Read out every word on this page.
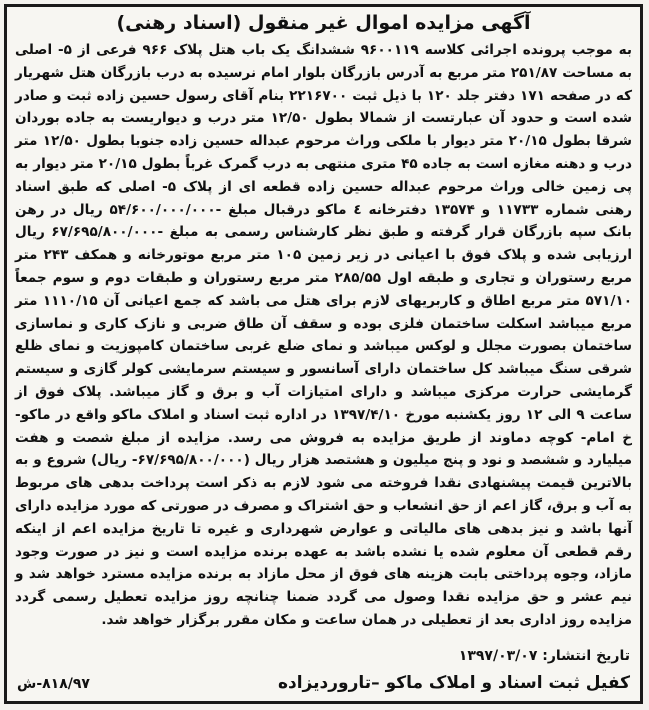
آگهی مزایده اموال غیر منقول (اسناد رهنی)
به موجب پرونده اجرائی کلاسه ۹۶۰۰۱۱۹ ششدانگ یک باب هتل پلاک ۹۶۶ فرعی از ۵- اصلی به مساحت ۲۵۱/۸۷ متر مربع به آدرس بازرگان بلوار امام نرسیده به درب بازرگان هتل شهریار که در صفحه ۱۷۱ دفتر جلد ۱۲۰ با ذیل ثبت ۲۲۱۶۷۰۰ بنام آقای رسول حسین زاده ثبت و صادر شده است و حدود آن عبارتست از شمالا بطول ۱۲/۵۰ متر درب و دیواریست به جاده بوردان شرقا بطول ۲۰/۱۵ متر دیوار با ملکی وراث مرحوم عبداله حسین زاده جنوبا بطول ۱۲/۵۰ متر درب و دهنه مغازه است به جاده ۴۵ متری منتهی به درب گمرک غرباً بطول ۲۰/۱۵ متر دیوار به پی زمین خالی وراث مرحوم عبداله حسین زاده قطعه ای از پلاک ۵- اصلی که طبق اسناد رهنی شماره ۱۱۷۳۳ و ۱۳۵۷۴ دفترخانه ٤ ماکو درقبال مبلغ -۵۴/۶۰۰/۰۰۰/۰۰۰ ریال در رهن بانک سپه بازرگان قرار گرفته و طبق نظر کارشناس رسمی به مبلغ -۶۷/۶۹۵/۸۰۰/۰۰۰ ریال ارزیابی شده و پلاک فوق با اعیانی در زیر زمین ۱۰۵ متر مربع موتورخانه و همکف ۲۴۳ متر مربع رستوران و تجاری و طبقه اول ۲۸۵/۵۵ متر مربع رستوران و طبقات دوم و سوم جمعاً ۵۷۱/۱۰ متر مربع اطاق و کاربریهای لازم برای هتل می باشد که جمع اعیانی آن ۱۱۱۰/۱۵ متر مربع میباشد اسکلت ساختمان فلزی بوده و سقف آن طاق ضربی و نازک کاری و نماسازی ساختمان بصورت مجلل و لوکس میباشد و نمای ضلع غربی ساختمان کامپوزیت و نمای ظلع شرقی سنگ میباشد کل ساختمان دارای آسانسور و سیستم سرمایشی کولر گازی و سیستم گرمایشی حرارت مرکزی میباشد و دارای امتیازات آب و برق و گاز میباشد. پلاک فوق از ساعت ۹ الی ۱۲ روز یکشنبه مورخ ۱۳۹۷/۴/۱۰ در اداره ثبت اسناد و املاک ماکو واقع در ماکو- خ امام- کوچه دماوند از طریق مزایده به فروش می رسد. مزایده از مبلغ شصت و هفت میلیارد و ششصد و نود و پنج میلیون و هشتصد هزار ریال (۶۷/۶۹۵/۸۰۰/۰۰۰- ریال) شروع و به بالاترین قیمت پیشنهادی نقدا فروخته می شود لازم به ذکر است پرداخت بدهی های مربوط به آب و برق، گاز اعم از حق انشعاب و حق اشتراک و مصرف در صورتی که مورد مزایده دارای آنها باشد و نیز بدهی های مالیاتی و عوارض شهرداری و غیره تا تاریخ مزایده اعم از اینکه رقم قطعی آن معلوم شده یا نشده باشد به عهده برنده مزایده است و نیز در صورت وجود مازاد، وجوه پرداختی بابت هزینه های فوق از محل مازاد به برنده مزایده مسترد خواهد شد و نیم عشر و حق مزایده نقدا وصول می گردد ضمنا چنانچه روز مزایده تعطیل رسمی گردد مزایده روز اداری بعد از تعطیلی در همان ساعت و مکان مقرر برگزار خواهد شد.
تاریخ انتشار: ۱۳۹۷/۰۳/۰۷
کفیل ثبت اسناد و املاک ماکو –تارورديزاده
۸۱۸/۹۷-ش
